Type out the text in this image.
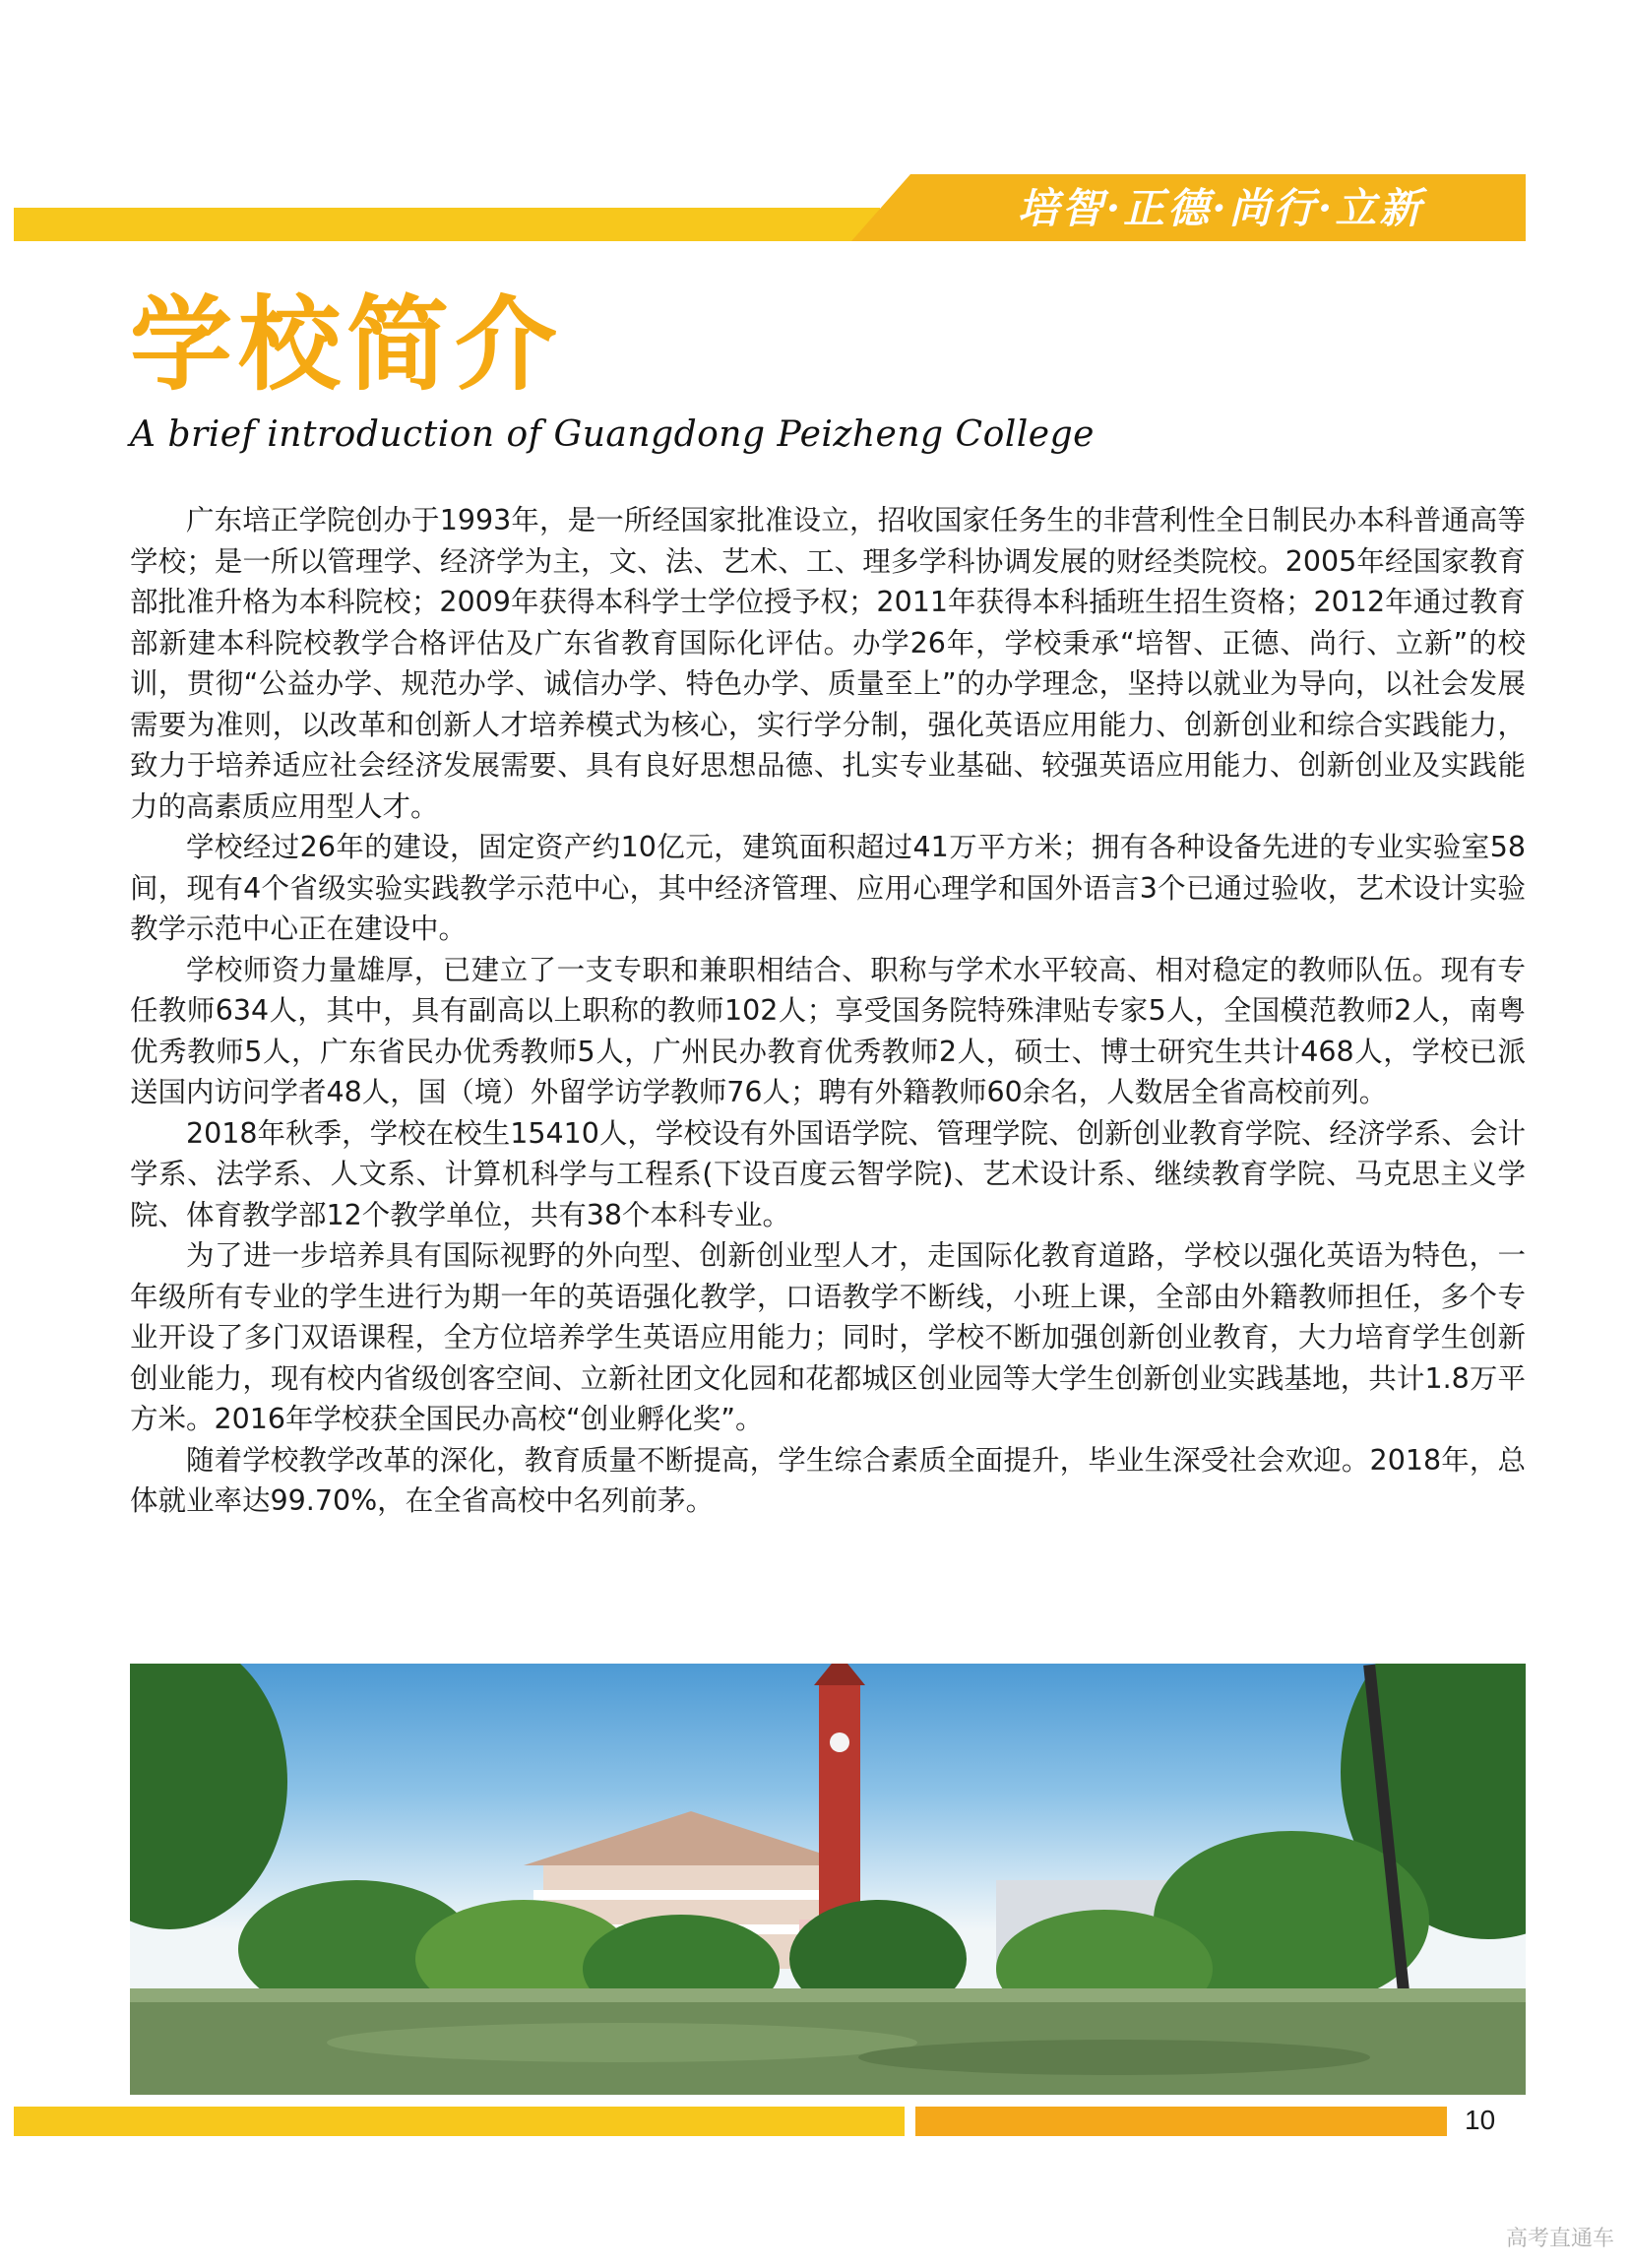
培智·正德·尚行·立新
学校简介
A brief introduction of Guangdong Peizheng College

广东培正学院创办于1993年，是一所经国家批准设立，招收国家任务生的非营利性全日制民办本科普通高等学校；是一所以管理学、经济学为主，文、法、艺术、工、理多学科协调发展的财经类院校。2005年经国家教育部批准升格为本科院校；2009年获得本科学士学位授予权；2011年获得本科插班生招生资格；2012年通过教育部新建本科院校教学合格评估及广东省教育国际化评估。办学26年，学校秉承“培智、正德、尚行、立新”的校训，贯彻“公益办学、规范办学、诚信办学、特色办学、质量至上”的办学理念，坚持以就业为导向，以社会发展需要为准则，以改革和创新人才培养模式为核心，实行学分制，强化英语应用能力、创新创业和综合实践能力，致力于培养适应社会经济发展需要、具有良好思想品德、扎实专业基础、较强英语应用能力、创新创业及实践能力的高素质应用型人才。

学校经过26年的建设，固定资产约10亿元，建筑面积超过41万平方米；拥有各种设备先进的专业实验室58间，现有4个省级实验实践教学示范中心，其中经济管理、应用心理学和国外语言3个已通过验收，艺术设计实验教学示范中心正在建设中。

学校师资力量雄厚，已建立了一支专职和兼职相结合、职称与学术水平较高、相对稳定的教师队伍。现有专任教师634人，其中，具有副高以上职称的教师102人；享受国务院特殊津贴专家5人，全国模范教师2人，南粤优秀教师5人，广东省民办优秀教师5人，广州民办教育优秀教师2人，硕士、博士研究生共计468人，学校已派送国内访问学者48人，国（境）外留学访学教师76人；聘有外籍教师60余名，人数居全省高校前列。

2018年秋季，学校在校生15410人，学校设有外国语学院、管理学院、创新创业教育学院、经济学系、会计学系、法学系、人文系、计算机科学与工程系(下设百度云智学院)、艺术设计系、继续教育学院、马克思主义学院、体育教学部12个教学单位，共有38个本科专业。

为了进一步培养具有国际视野的外向型、创新创业型人才，走国际化教育道路，学校以强化英语为特色，一年级所有专业的学生进行为期一年的英语强化教学，口语教学不断线，小班上课，全部由外籍教师担任，多个专业开设了多门双语课程，全方位培养学生英语应用能力；同时，学校不断加强创新创业教育，大力培育学生创新创业能力，现有校内省级创客空间、立新社团文化园和花都城区创业园等大学生创新创业实践基地，共计1.8万平方米。2016年学校获全国民办高校“创业孵化奖”。

随着学校教学改革的深化，教育质量不断提高，学生综合素质全面提升，毕业生深受社会欢迎。2018年，总体就业率达99.70%，在全省高校中名列前茅。

10
高考直通车
